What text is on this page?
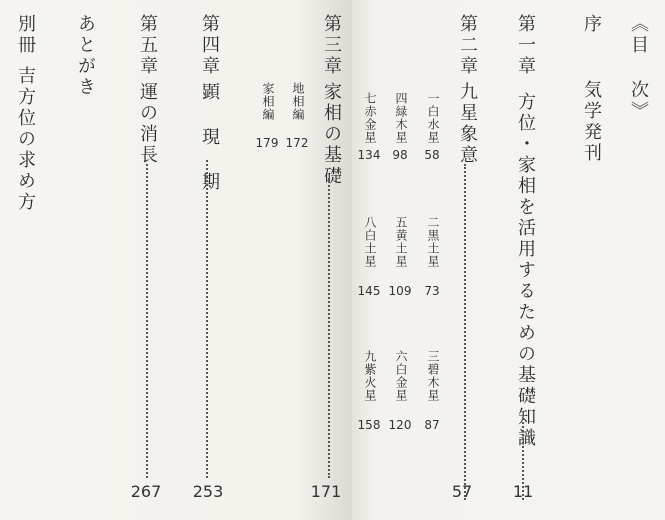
《目 次》
序
気学発刊
第一章
方位・家相を活用するための基礎知識
11
第二章
九星象意
57
一白水星
58
二黒土星
73
三碧木星
87
四緑木星
98
五黄土星
109
六白金星
120
七赤金星
134
八白土星
145
九紫火星
158
第三章
家相の基礎
171
地相編
172
家相編
179
第四章
顕 現 期
253
第五章
運の消長
267
あとがき
別冊
吉方位の求め方
